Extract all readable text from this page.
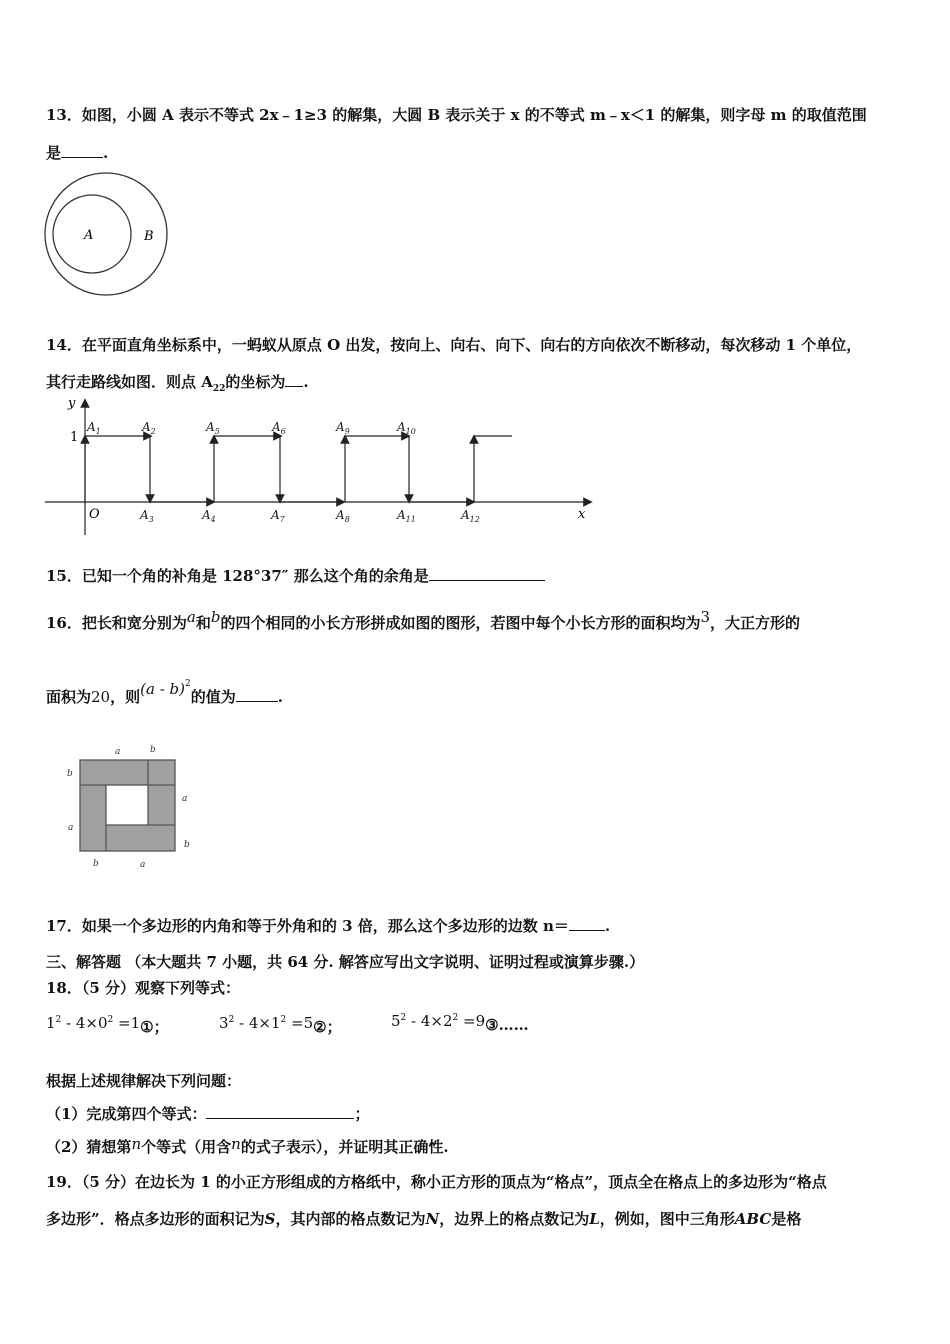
13．如图，小圆 A 表示不等式 2x﹣1≥3 的解集，大圆 B 表示关于 x 的不等式 m﹣x＜1 的解集，则字母 m 的取值范围
是	.
A	B
14．在平面直角坐标系中，一蚂蚁从原点 O 出发，按向上、向右、向下、向右的方向依次不断移动，每次移动 1 个单位，
其行走路线如图．则点 $A_{22}$的坐标为 .
y
x
O
1
$A_1$	$A_2$
$A_3$	$A_4$
$A_5$	$A_6$
$A_7$	$A_8$
$A_9$	$A_{10}$
$A_{11}$	$A_{12}$
15．已知一个角的补角是 128°37″ 那么这个角的余角是
16．把长和宽分别为$^a$和$^b$的四个相同的小长方形拼成如图的图形，若图中每个小长方形的面积均为$^3$，大正方形的
面积为20，则(a - b)$^2$的值为	.
a	b
b
a
a
b
b	a
17．如果一个多边形的内角和等于外角和的 3 倍，那么这个多边形的边数 n＝ .
三、解答题 （本大题共 7 小题，共 64 分. 解答应写出文字说明、证明过程或演算步骤.）
18．（5 分）观察下列等式：
$1^2 - 4\times 0^2$ =1①；	$3^2 - 4\times 1^2$ =5②；	$5^2 - 4\times 2^2$ =9③……
根据上述规律解决下列问题：
（1）完成第四个等式：	；
（2）猜想第n个等式（用含n的式子表示），并证明其正确性.
19．（5 分）在边长为 1 的小正方形组成的方格纸中，称小正方形的顶点为“格点”，顶点全在格点上的多边形为“格点
多边形”．格点多边形的面积记为S，其内部的格点数记为N，边界上的格点数记为L，例如，图中三角形ABC是格
